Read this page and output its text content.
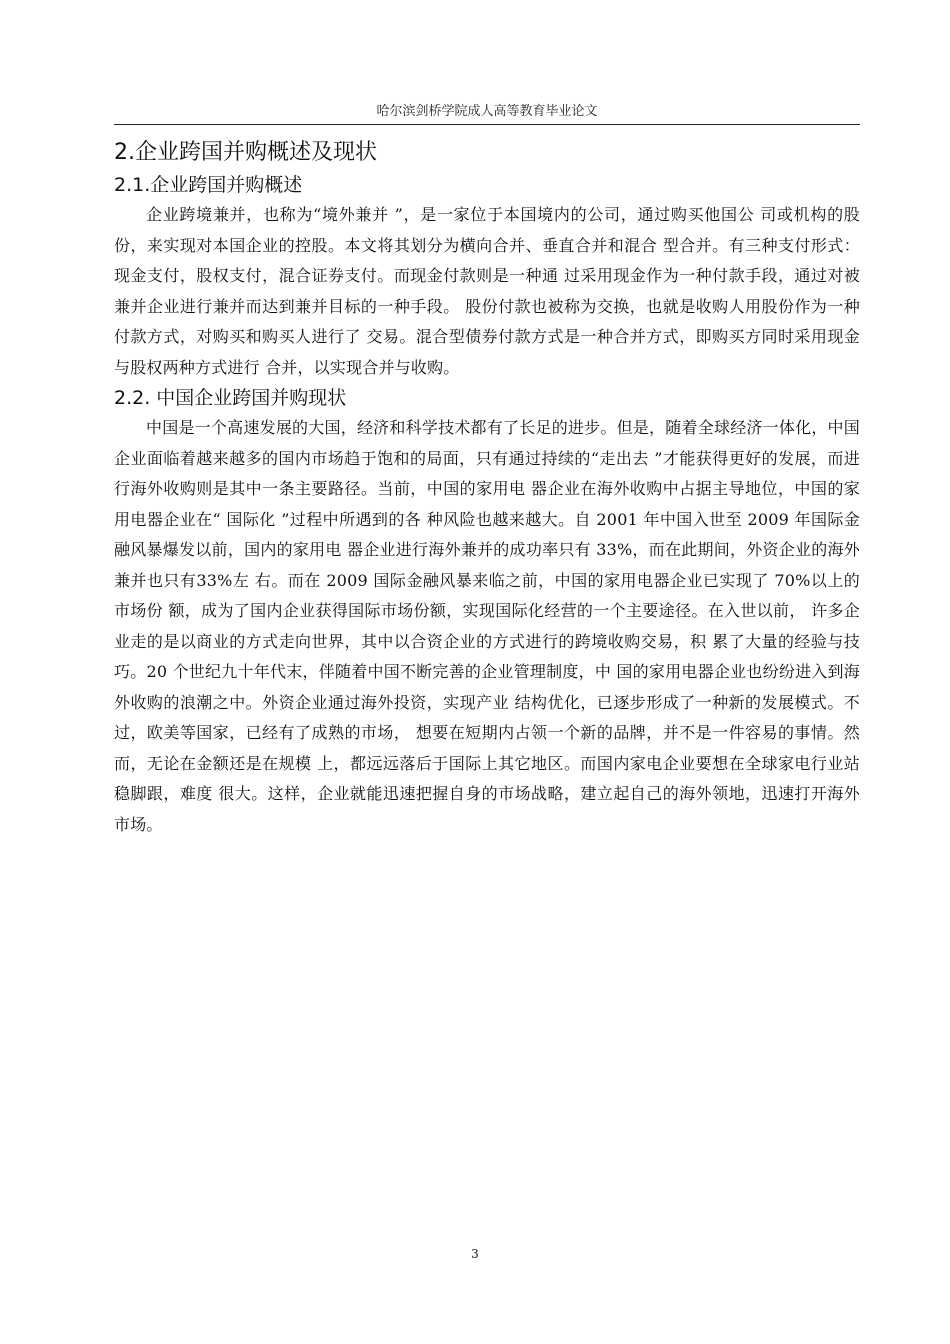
哈尔滨剑桥学院成人高等教育毕业论文
2.企业跨国并购概述及现状
2.1.企业跨国并购概述

企业跨境兼并，也称为“境外兼并 ”，是一家位于本国境内的公司，通过购买他国公 司或机构的股份，来实现对本国企业的控股。本文将其划分为横向合并、垂直合并和混合 型合并。有三种支付形式：现金支付，股权支付，混合证券支付。而现金付款则是一种通 过采用现金作为一种付款手段，通过对被兼并企业进行兼并而达到兼并目标的一种手段。 股份付款也被称为交换，也就是收购人用股份作为一种付款方式，对购买和购买人进行了 交易。混合型债券付款方式是一种合并方式，即购买方同时采用现金与股权两种方式进行 合并，以实现合并与收购。

2.2. 中国企业跨国并购现状

中国是一个高速发展的大国，经济和科学技术都有了长足的进步。但是，随着全球经济一体化，中国企业面临着越来越多的国内市场趋于饱和的局面，只有通过持续的“走出去 ”才能获得更好的发展，而进行海外收购则是其中一条主要路径。当前，中国的家用电 器企业在海外收购中占据主导地位，中国的家用电器企业在“ 国际化 ”过程中所遇到的各 种风险也越来越大。自 2001 年中国入世至 2009 年国际金融风暴爆发以前，国内的家用电 器企业进行海外兼并的成功率只有 33%，而在此期间，外资企业的海外兼并也只有33%左 右。而在 2009 国际金融风暴来临之前，中国的家用电器企业已实现了 70%以上的市场份 额，成为了国内企业获得国际市场份额，实现国际化经营的一个主要途径。在入世以前， 许多企业走的是以商业的方式走向世界，其中以合资企业的方式进行的跨境收购交易，积 累了大量的经验与技巧。20 个世纪九十年代末，伴随着中国不断完善的企业管理制度，中 国的家用电器企业也纷纷进入到海外收购的浪潮之中。外资企业通过海外投资，实现产业 结构优化，已逐步形成了一种新的发展模式。不过，欧美等国家，已经有了成熟的市场， 想要在短期内占领一个新的品牌，并不是一件容易的事情。然而，无论在金额还是在规模 上，都远远落后于国际上其它地区。而国内家电企业要想在全球家电行业站稳脚跟，难度 很大。这样，企业就能迅速把握自身的市场战略，建立起自己的海外领地，迅速打开海外 市场。

3
